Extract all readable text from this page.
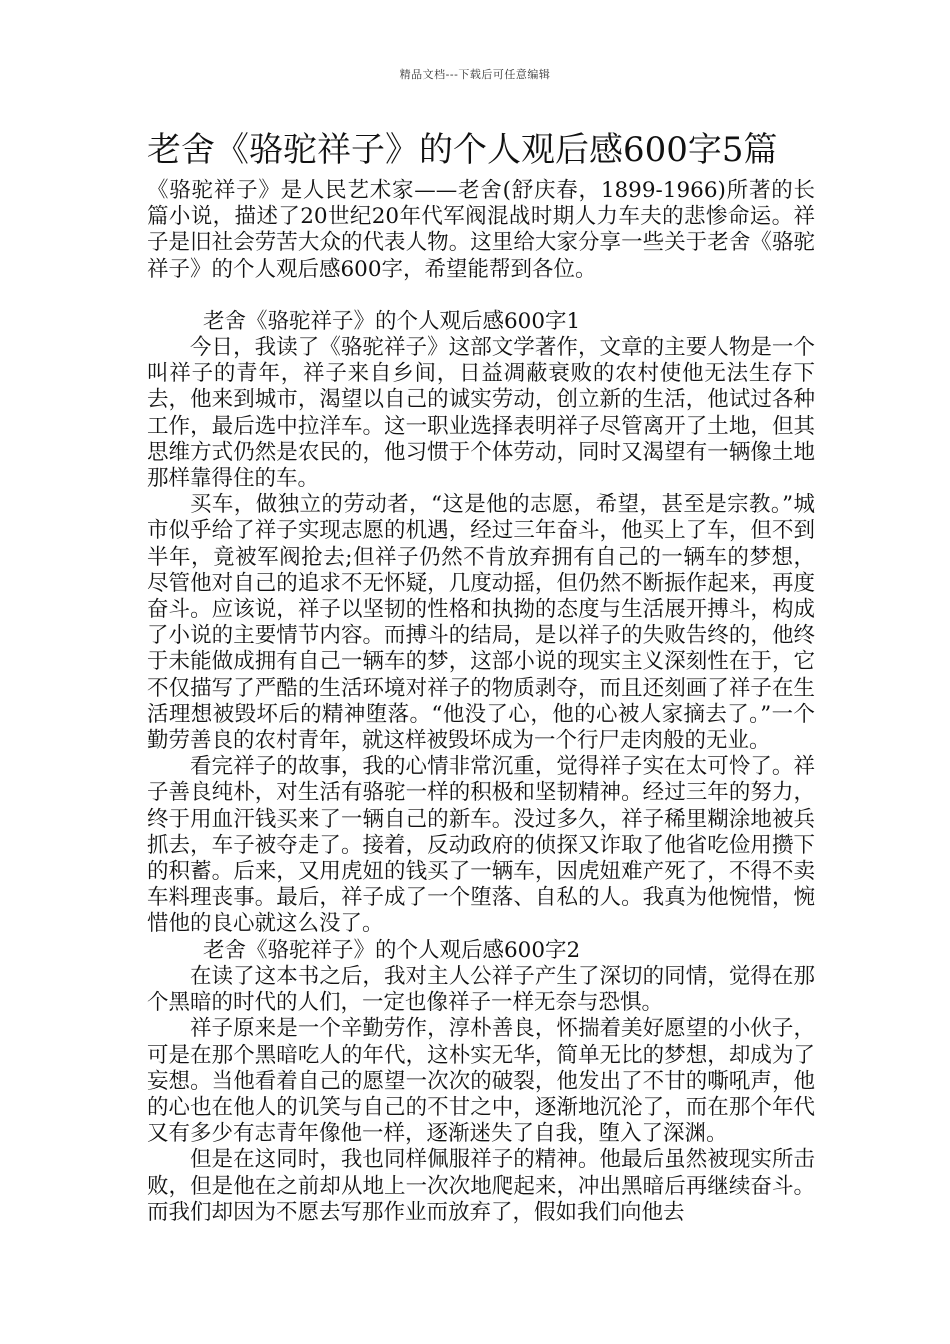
精品文档---下载后可任意编辑
老舍《骆驼祥子》的个人观后感600字5篇

《骆驼祥子》是人民艺术家——老舍(舒庆春，1899-1966)所著的长篇小说，描述了20世纪20年代军阀混战时期人力车夫的悲惨命运。祥子是旧社会劳苦大众的代表人物。这里给大家分享一些关于老舍《骆驼祥子》的个人观后感600字，希望能帮到各位。

老舍《骆驼祥子》的个人观后感600字1

今日，我读了《骆驼祥子》这部文学著作，文章的主要人物是一个叫祥子的青年，祥子来自乡间，日益凋蔽衰败的农村使他无法生存下去，他来到城市，渴望以自己的诚实劳动，创立新的生活，他试过各种工作，最后选中拉洋车。这一职业选择表明祥子尽管离开了土地，但其思维方式仍然是农民的，他习惯于个体劳动，同时又渴望有一辆像土地那样靠得住的车。

买车，做独立的劳动者，“这是他的志愿，希望，甚至是宗教。”城市似乎给了祥子实现志愿的机遇，经过三年奋斗，他买上了车，但不到半年，竟被军阀抢去;但祥子仍然不肯放弃拥有自己的一辆车的梦想，尽管他对自己的追求不无怀疑，几度动摇，但仍然不断振作起来，再度奋斗。应该说，祥子以坚韧的性格和执拗的态度与生活展开搏斗，构成了小说的主要情节内容。而搏斗的结局，是以祥子的失败告终的，他终于未能做成拥有自己一辆车的梦，这部小说的现实主义深刻性在于，它不仅描写了严酷的生活环境对祥子的物质剥夺，而且还刻画了祥子在生活理想被毁坏后的精神堕落。“他没了心，他的心被人家摘去了。”一个勤劳善良的农村青年，就这样被毁坏成为一个行尸走肉般的无业。

看完祥子的故事，我的心情非常沉重，觉得祥子实在太可怜了。祥子善良纯朴，对生活有骆驼一样的积极和坚韧精神。经过三年的努力，终于用血汗钱买来了一辆自己的新车。没过多久，祥子稀里糊涂地被兵抓去，车子被夺走了。接着，反动政府的侦探又诈取了他省吃俭用攒下的积蓄。后来，又用虎妞的钱买了一辆车，因虎妞难产死了，不得不卖车料理丧事。最后，祥子成了一个堕落、自私的人。我真为他惋惜，惋惜他的良心就这么没了。

老舍《骆驼祥子》的个人观后感600字2

在读了这本书之后，我对主人公祥子产生了深切的同情，觉得在那个黑暗的时代的人们，一定也像祥子一样无奈与恐惧。

祥子原来是一个辛勤劳作，淳朴善良，怀揣着美好愿望的小伙子，可是在那个黑暗吃人的年代，这朴实无华，简单无比的梦想，却成为了妄想。当他看着自己的愿望一次次的破裂，他发出了不甘的嘶吼声，他的心也在他人的讥笑与自己的不甘之中，逐渐地沉沦了，而在那个年代又有多少有志青年像他一样，逐渐迷失了自我，堕入了深渊。

但是在这同时，我也同样佩服祥子的精神。他最后虽然被现实所击败，但是他在之前却从地上一次次地爬起来，冲出黑暗后再继续奋斗。而我们却因为不愿去写那作业而放弃了，假如我们向他去
